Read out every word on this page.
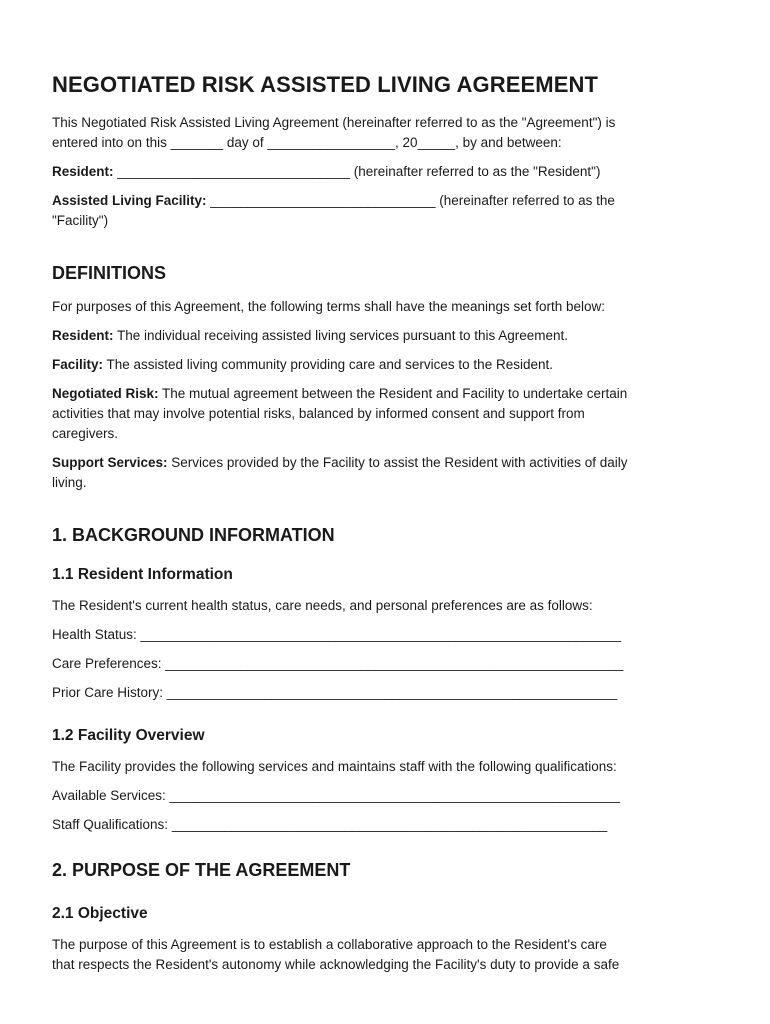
NEGOTIATED RISK ASSISTED LIVING AGREEMENT

This Negotiated Risk Assisted Living Agreement (hereinafter referred to as the "Agreement") is
entered into on this _______ day of _________________, 20_____, by and between:

Resident: _______________________________ (hereinafter referred to as the "Resident")

Assisted Living Facility: ______________________________ (hereinafter referred to as the
"Facility")

DEFINITIONS

For purposes of this Agreement, the following terms shall have the meanings set forth below:

Resident: The individual receiving assisted living services pursuant to this Agreement.

Facility: The assisted living community providing care and services to the Resident.

Negotiated Risk: The mutual agreement between the Resident and Facility to undertake certain
activities that may involve potential risks, balanced by informed consent and support from
caregivers.

Support Services: Services provided by the Facility to assist the Resident with activities of daily
living.

1. BACKGROUND INFORMATION
1.1 Resident Information

The Resident's current health status, care needs, and personal preferences are as follows:

Health Status: ________________________________________________________________

Care Preferences: _____________________________________________________________

Prior Care History: ____________________________________________________________

1.2 Facility Overview

The Facility provides the following services and maintains staff with the following qualifications:

Available Services: ____________________________________________________________

Staff Qualifications: __________________________________________________________

2. PURPOSE OF THE AGREEMENT
2.1 Objective

The purpose of this Agreement is to establish a collaborative approach to the Resident's care
that respects the Resident's autonomy while acknowledging the Facility's duty to provide a safe
